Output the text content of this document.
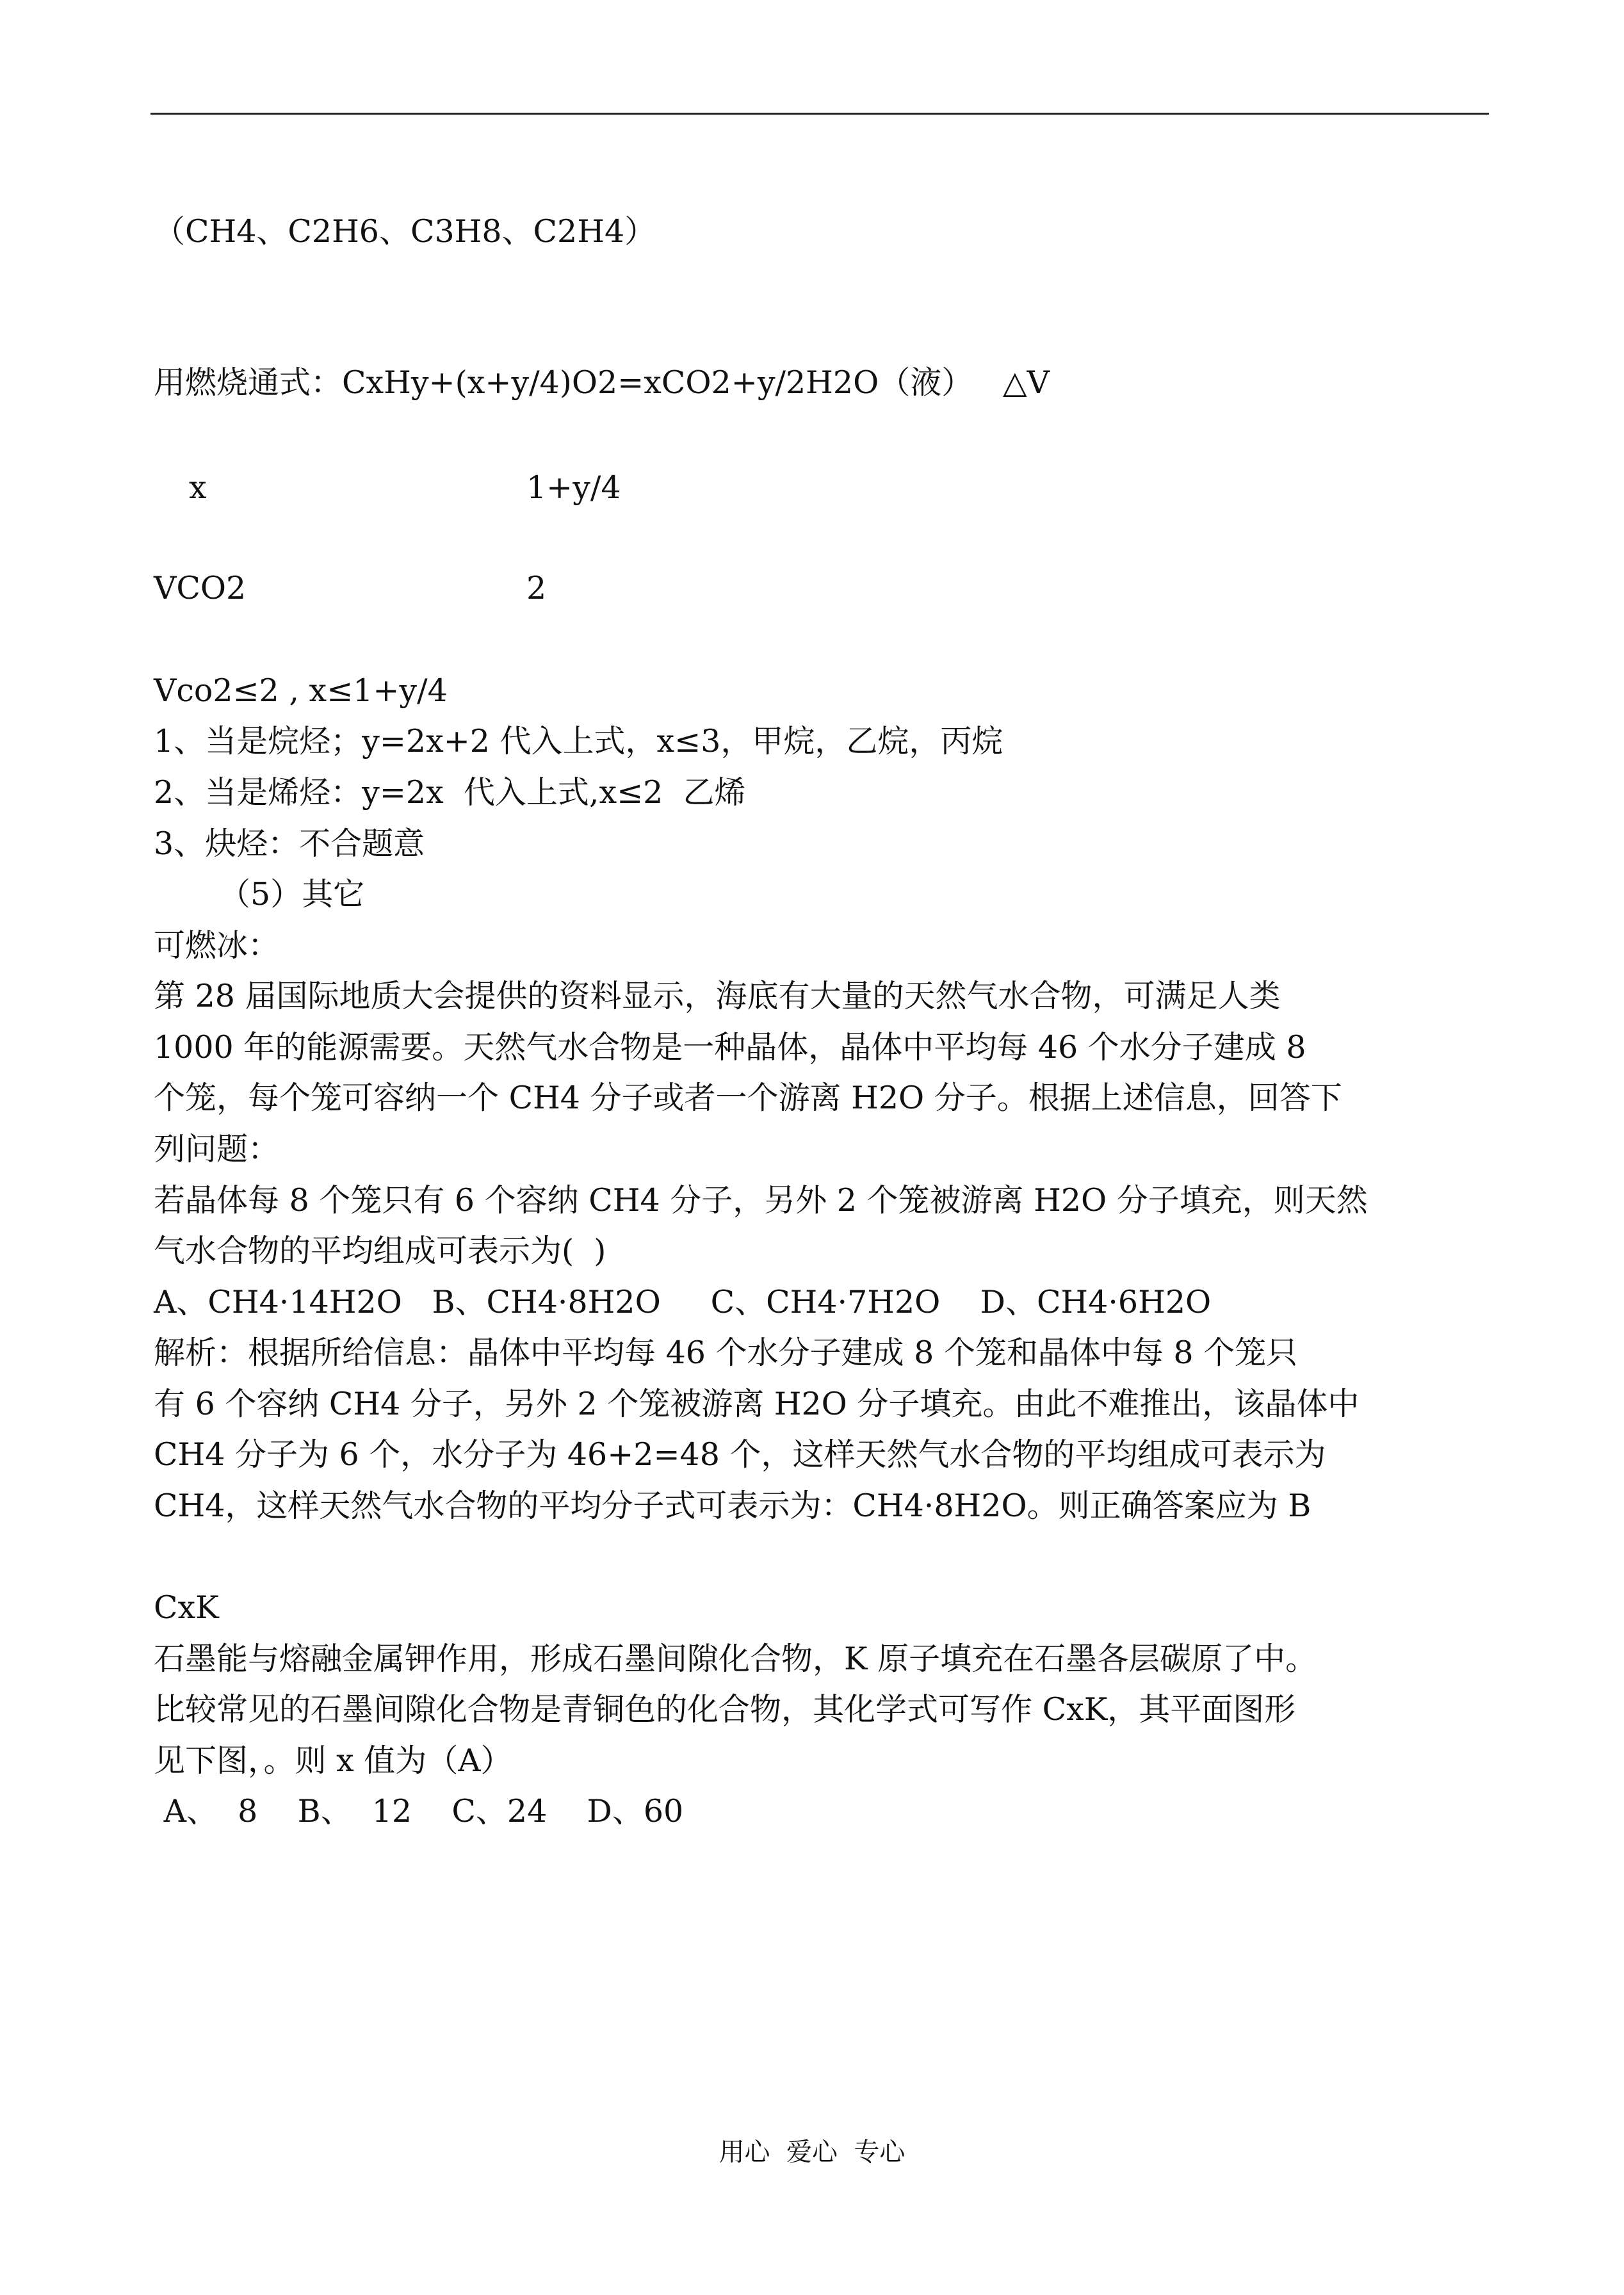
（CH4、C2H6、C3H8、C2H4）
用燃烧通式：CxHy+(x+y/4)O2=xCO2+y/2H2O（液）   △V
x	1+y/4
VCO2	2
Vco2≤2 , x≤1+y/4
1、当是烷烃；y=2x+2 代入上式，x≤3，甲烷，乙烷，丙烷
2、当是烯烃：y=2x  代入上式,x≤2  乙烯
3、炔烃：不合题意
（5）其它
可燃冰：
第 28 届国际地质大会提供的资料显示，海底有大量的天然气水合物，可满足人类
1000 年的能源需要。天然气水合物是一种晶体，晶体中平均每 46 个水分子建成 8
个笼，每个笼可容纳一个 CH4 分子或者一个游离 H2O 分子。根据上述信息，回答下
列问题：
若晶体每 8 个笼只有 6 个容纳 CH4 分子，另外 2 个笼被游离 H2O 分子填充，则天然
气水合物的平均组成可表示为(  )
A、CH4·14H2O   B、CH4·8H2O     C、CH4·7H2O    D、CH4·6H2O
解析：根据所给信息：晶体中平均每 46 个水分子建成 8 个笼和晶体中每 8 个笼只
有 6 个容纳 CH4 分子，另外 2 个笼被游离 H2O 分子填充。由此不难推出，该晶体中
CH4 分子为 6 个，水分子为 46+2=48 个，这样天然气水合物的平均组成可表示为
CH4，这样天然气水合物的平均分子式可表示为：CH4·8H2O。则正确答案应为 B
CxK
石墨能与熔融金属钾作用，形成石墨间隙化合物，K 原子填充在石墨各层碳原了中。
比较常见的石墨间隙化合物是青铜色的化合物，其化学式可写作 CxK，其平面图形
见下图，。则 x 值为（A）
A、  8    B、  12    C、24    D、60
用心  爱心  专心
